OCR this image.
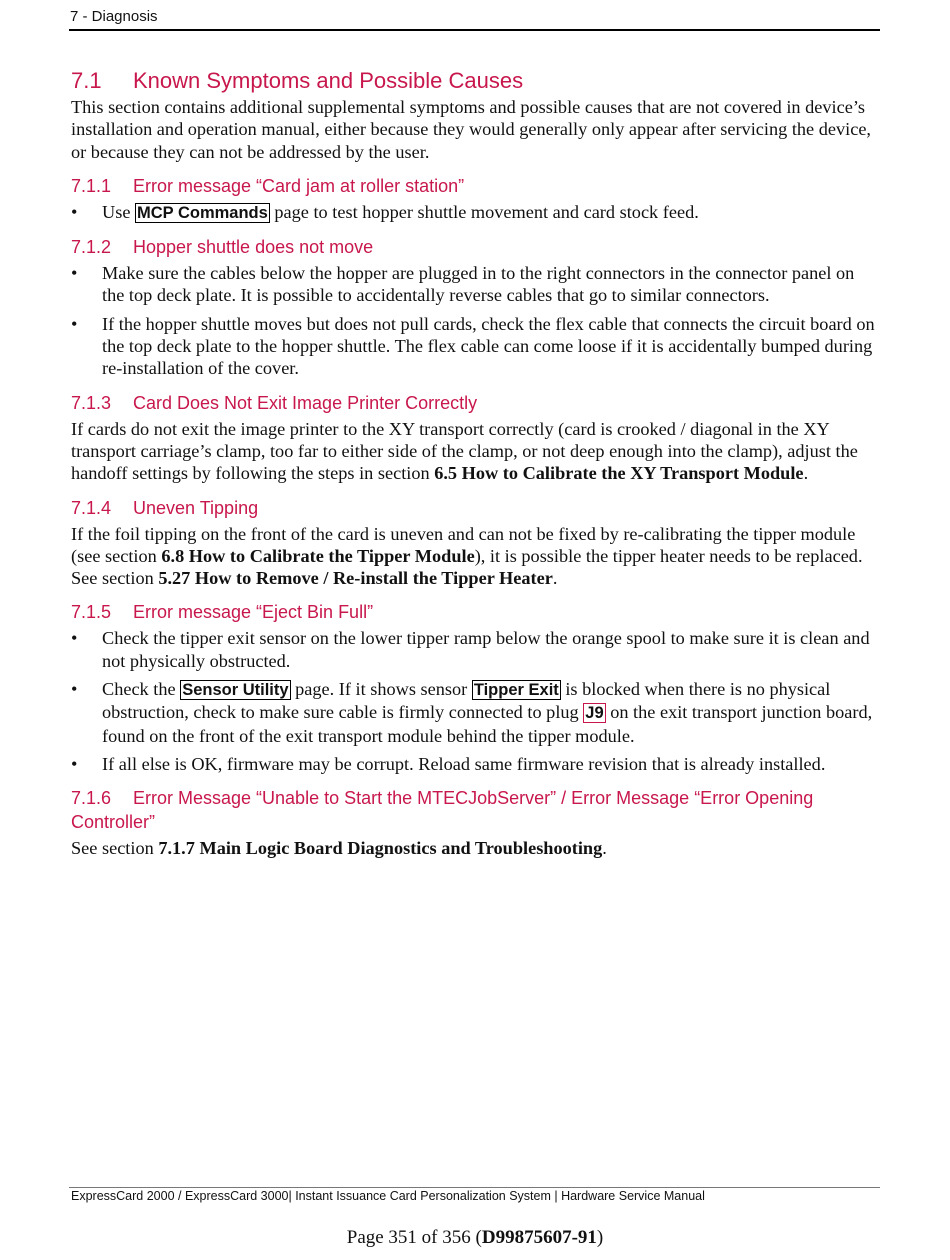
7 - Diagnosis
7.1 Known Symptoms and Possible Causes

This section contains additional supplemental symptoms and possible causes that are not covered in device’s installation and operation manual, either because they would generally only appear after servicing the device, or because they can not be addressed by the user.

7.1.1 Error message “Card jam at roller station”
• Use MCP Commands page to test hopper shuttle movement and card stock feed.
7.1.2 Hopper shuttle does not move
• Make sure the cables below the hopper are plugged in to the right connectors in the connector panel on the top deck plate. It is possible to accidentally reverse cables that go to similar connectors.
• If the hopper shuttle moves but does not pull cards, check the flex cable that connects the circuit board on the top deck plate to the hopper shuttle. The flex cable can come loose if it is accidentally bumped during re-installation of the cover.
7.1.3 Card Does Not Exit Image Printer Correctly

If cards do not exit the image printer to the XY transport correctly (card is crooked / diagonal in the XY transport carriage’s clamp, too far to either side of the clamp, or not deep enough into the clamp), adjust the handoff settings by following the steps in section 6.5 How to Calibrate the XY Transport Module.

7.1.4 Uneven Tipping

If the foil tipping on the front of the card is uneven and can not be fixed by re-calibrating the tipper module (see section 6.8 How to Calibrate the Tipper Module), it is possible the tipper heater needs to be replaced. See section 5.27 How to Remove / Re-install the Tipper Heater.

7.1.5 Error message “Eject Bin Full”
• Check the tipper exit sensor on the lower tipper ramp below the orange spool to make sure it is clean and not physically obstructed.
• Check the Sensor Utility page. If it shows sensor Tipper Exit is blocked when there is no physical obstruction, check to make sure cable is firmly connected to plug J9 on the exit transport junction board, found on the front of the exit transport module behind the tipper module.
• If all else is OK, firmware may be corrupt. Reload same firmware revision that is already installed.
7.1.6 Error Message “Unable to Start the MTECJobServer” / Error Message “Error Opening Controller”

See section 7.1.7 Main Logic Board Diagnostics and Troubleshooting.

ExpressCard 2000 / ExpressCard 3000| Instant Issuance Card Personalization System | Hardware Service Manual
Page 351 of 356 (D99875607-91)
